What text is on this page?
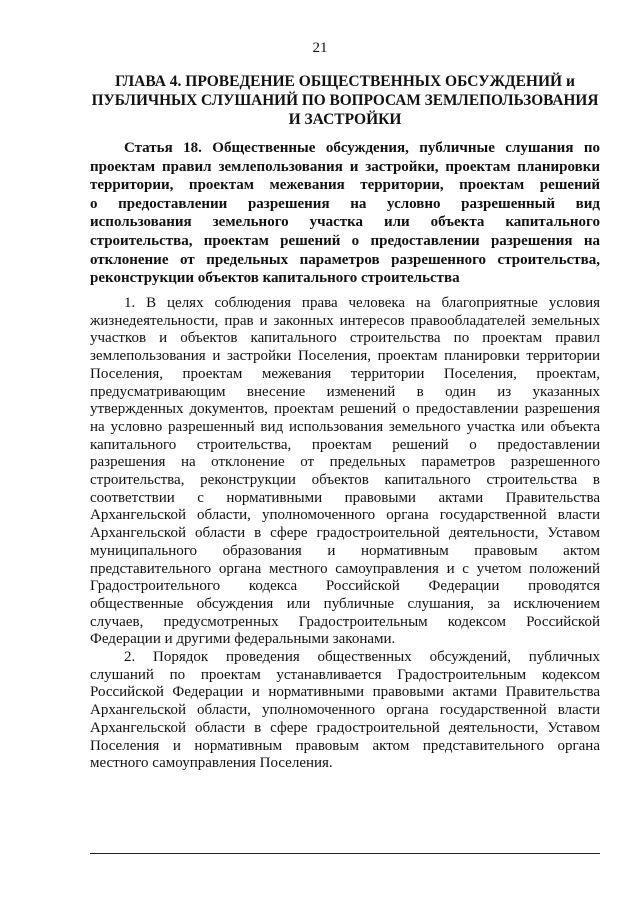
21
ГЛАВА 4. ПРОВЕДЕНИЕ ОБЩЕСТВЕННЫХ ОБСУЖДЕНИЙ и
ПУБЛИЧНЫХ СЛУШАНИЙ ПО ВОПРОСАМ ЗЕМЛЕПОЛЬЗОВАНИЯ
И ЗАСТРОЙКИ
Статья 18. Общественные обсуждения, публичные слушания по
проектам правил землепользования и застройки, проектам планировки
территории, проектам межевания территории, проектам решений
о предоставлении разрешения на условно разрешенный вид
использования земельного участка или объекта капитального
строительства, проектам решений о предоставлении разрешения на
отклонение от предельных параметров разрешенного строительства,
реконструкции объектов капитального строительства
1. В целях соблюдения права человека на благоприятные условия
жизнедеятельности, прав и законных интересов правообладателей земельных
участков и объектов капитального строительства по проектам правил
землепользования и застройки Поселения, проектам планировки территории
Поселения, проектам межевания территории Поселения, проектам,
предусматривающим внесение изменений в один из указанных
утвержденных документов, проектам решений о предоставлении разрешения
на условно разрешенный вид использования земельного участка или объекта
капитального строительства, проектам решений о предоставлении
разрешения на отклонение от предельных параметров разрешенного
строительства, реконструкции объектов капитального строительства в
соответствии с нормативными правовыми актами Правительства
Архангельской области, уполномоченного органа государственной власти
Архангельской области в сфере градостроительной деятельности, Уставом
муниципального образования и нормативным правовым актом
представительного органа местного самоуправления и с учетом положений
Градостроительного кодекса Российской Федерации проводятся
общественные обсуждения или публичные слушания, за исключением
случаев, предусмотренных Градостроительным кодексом Российской
Федерации и другими федеральными законами.
2. Порядок проведения общественных обсуждений, публичных
слушаний по проектам устанавливается Градостроительным кодексом
Российской Федерации и нормативными правовыми актами Правительства
Архангельской области, уполномоченного органа государственной власти
Архангельской области в сфере градостроительной деятельности, Уставом
Поселения и нормативным правовым актом представительного органа
местного самоуправления Поселения.
